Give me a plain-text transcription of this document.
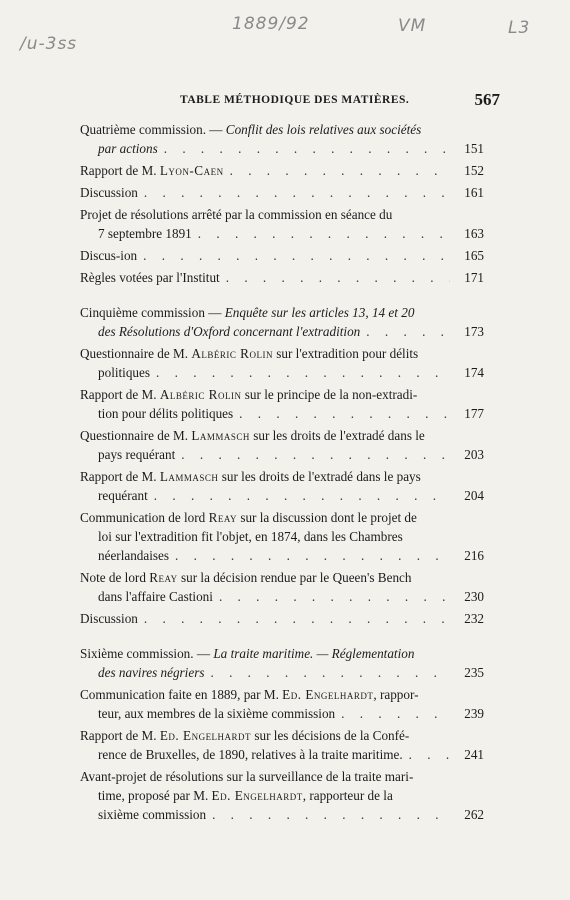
/u-3ss
1889/92	VM	L3
TABLE MÉTHODIQUE DES MATIÈRES.	567
Quatrième commission. — Conflit des lois relatives aux sociétés
par actions . . .	151
Rapport de M. Lyon-Caen . . .	152
Discussion . . .	161
Projet de résolutions arrêté par la commission en séance du
7 septembre 1891 . . .	163
Discus-ion . . .	165
Règles votées par l'Institut . . .	171
Cinquième commission — Enquête sur les articles 13, 14 et 20
des Résolutions d'Oxford concernant l'extradition . . .	173
Questionnaire de M. Albéric Rolin sur l'extradition pour délits
politiques . . .	174
Rapport de M. Albéric Rolin sur le principe de la non-extradi-
tion pour délits politiques . . .	177
Questionnaire de M. Lammasch sur les droits de l'extradé dans le
pays requérant . . .	203
Rapport de M. Lammasch sur les droits de l'extradé dans le pays
requérant . . .	204
Communication de lord Reay sur la discussion dont le projet de
loi sur l'extradition fit l'objet, en 1874, dans les Chambres
néerlandaises . . .	216
Note de lord Reay sur la décision rendue par le Queen's Bench
dans l'affaire Castioni . . .	230
Discussion . . .	232
Sixième commission. — La traite maritime. — Réglementation
des navires négriers . . .	235
Communication faite en 1889, par M. Ed. Engelhardt, rappor-
teur, aux membres de la sixième commission . . .	239
Rapport de M. Ed. Engelhardt sur les décisions de la Confé-
rence de Bruxelles, de 1890, relatives à la traite maritime. . . .	241
Avant-projet de résolutions sur la surveillance de la traite mari-
time, proposé par M. Ed. Engelhardt, rapporteur de la
sixième commission . . .	262
